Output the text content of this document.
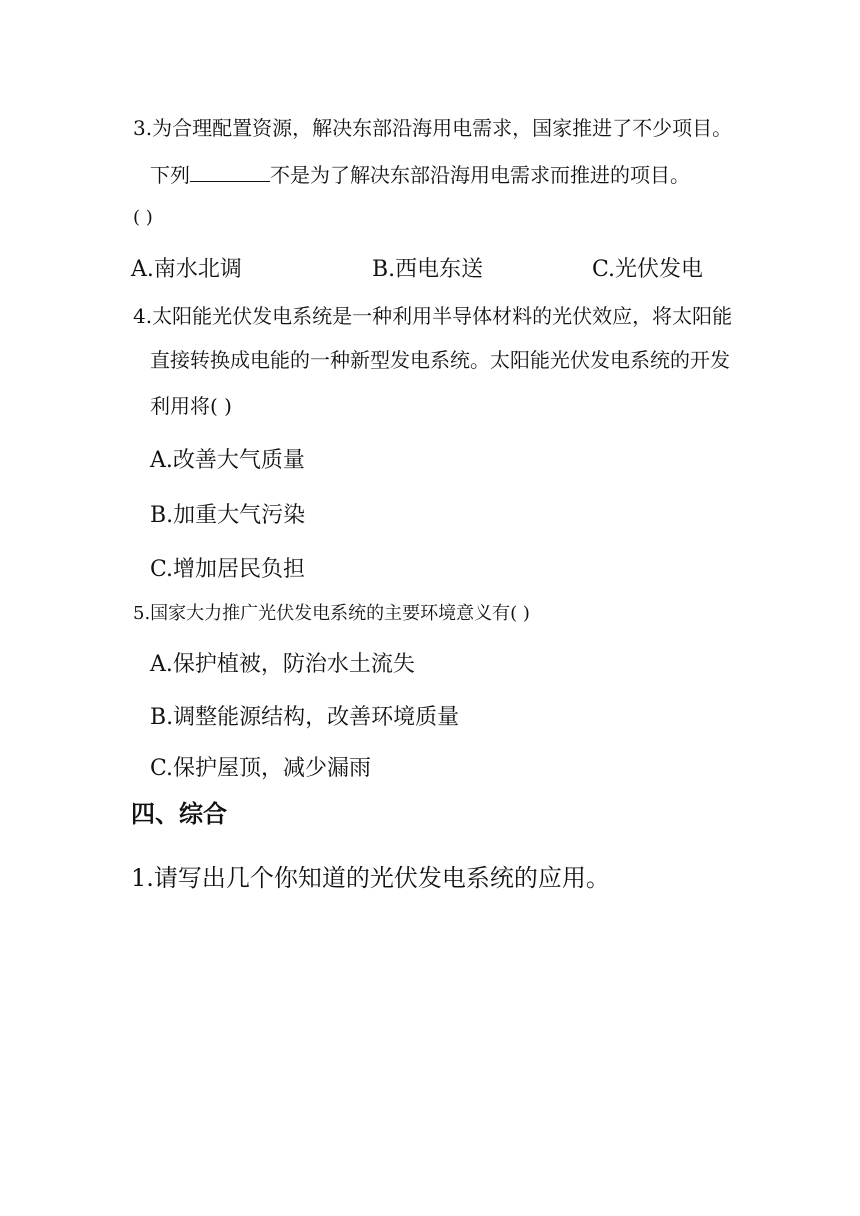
3.为合理配置资源，解决东部沿海用电需求，国家推进了不少项目。
下列	不是为了解决东部沿海用电需求而推进的项目。
( )
A.南水北调	B.西电东送	C.光伏发电
4.太阳能光伏发电系统是一种利用半导体材料的光伏效应，将太阳能
直接转换成电能的一种新型发电系统。太阳能光伏发电系统的开发
利用将( )
A.改善大气质量
B.加重大气污染
C.增加居民负担
5.国家大力推广光伏发电系统的主要环境意义有( )
A.保护植被，防治水土流失
B.调整能源结构，改善环境质量
C.保护屋顶，减少漏雨
四、综合
1.请写出几个你知道的光伏发电系统的应用。
